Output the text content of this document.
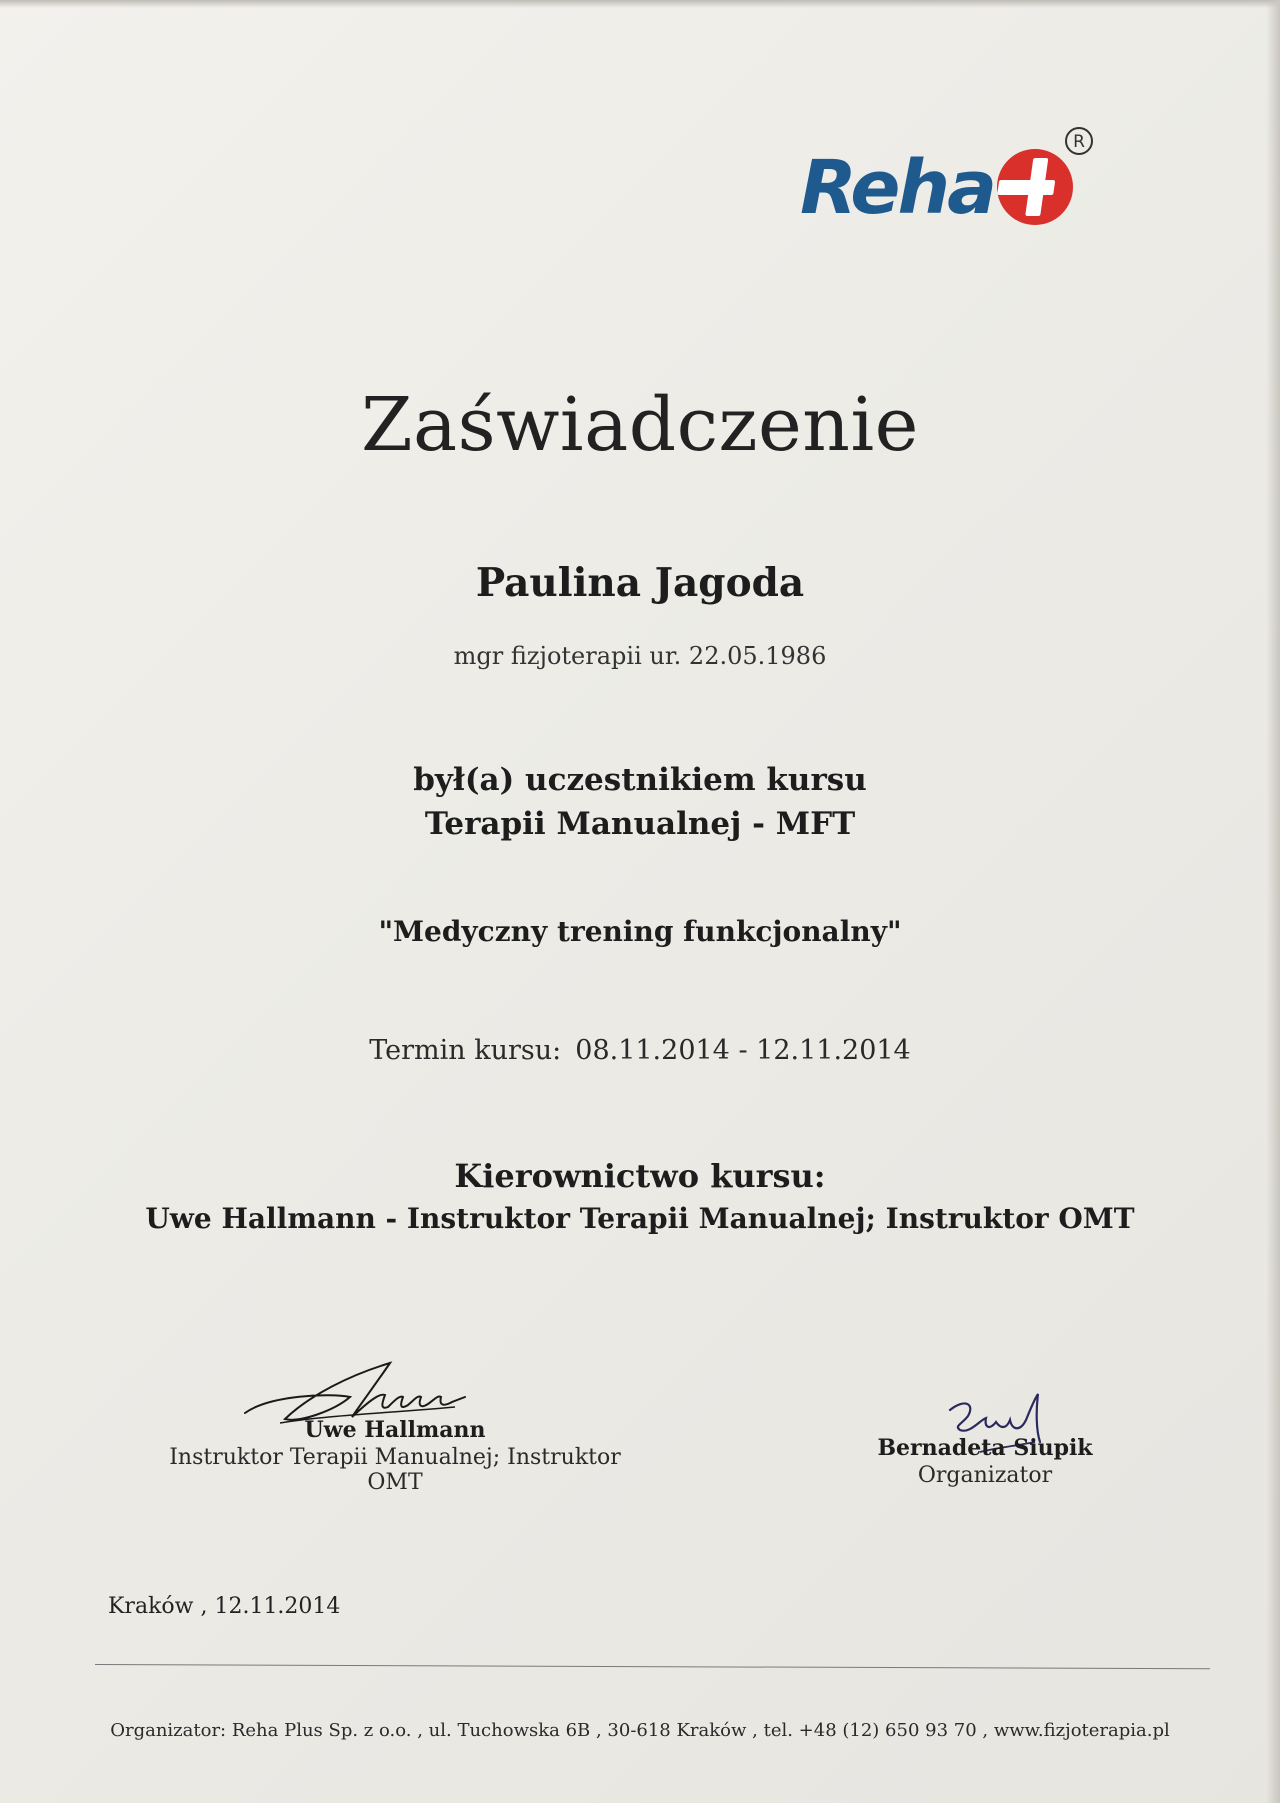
Reha
R
Zaświadczenie
Paulina Jagoda
mgr fizjoterapii ur. 22.05.1986
był(a) uczestnikiem kursu
Terapii Manualnej - MFT
"Medyczny trening funkcjonalny"
Termin kursu: 08.11.2014 - 12.11.2014
Kierownictwo kursu:
Uwe Hallmann - Instruktor Terapii Manualnej; Instruktor OMT
Uwe Hallmann
Instruktor Terapii Manualnej; Instruktor OMT
Bernadeta Siupik
Organizator
Kraków , 12.11.2014
Organizator: Reha Plus Sp. z o.o. , ul. Tuchowska 6B , 30-618 Kraków , tel. +48 (12) 650 93 70 , www.fizjoterapia.pl
